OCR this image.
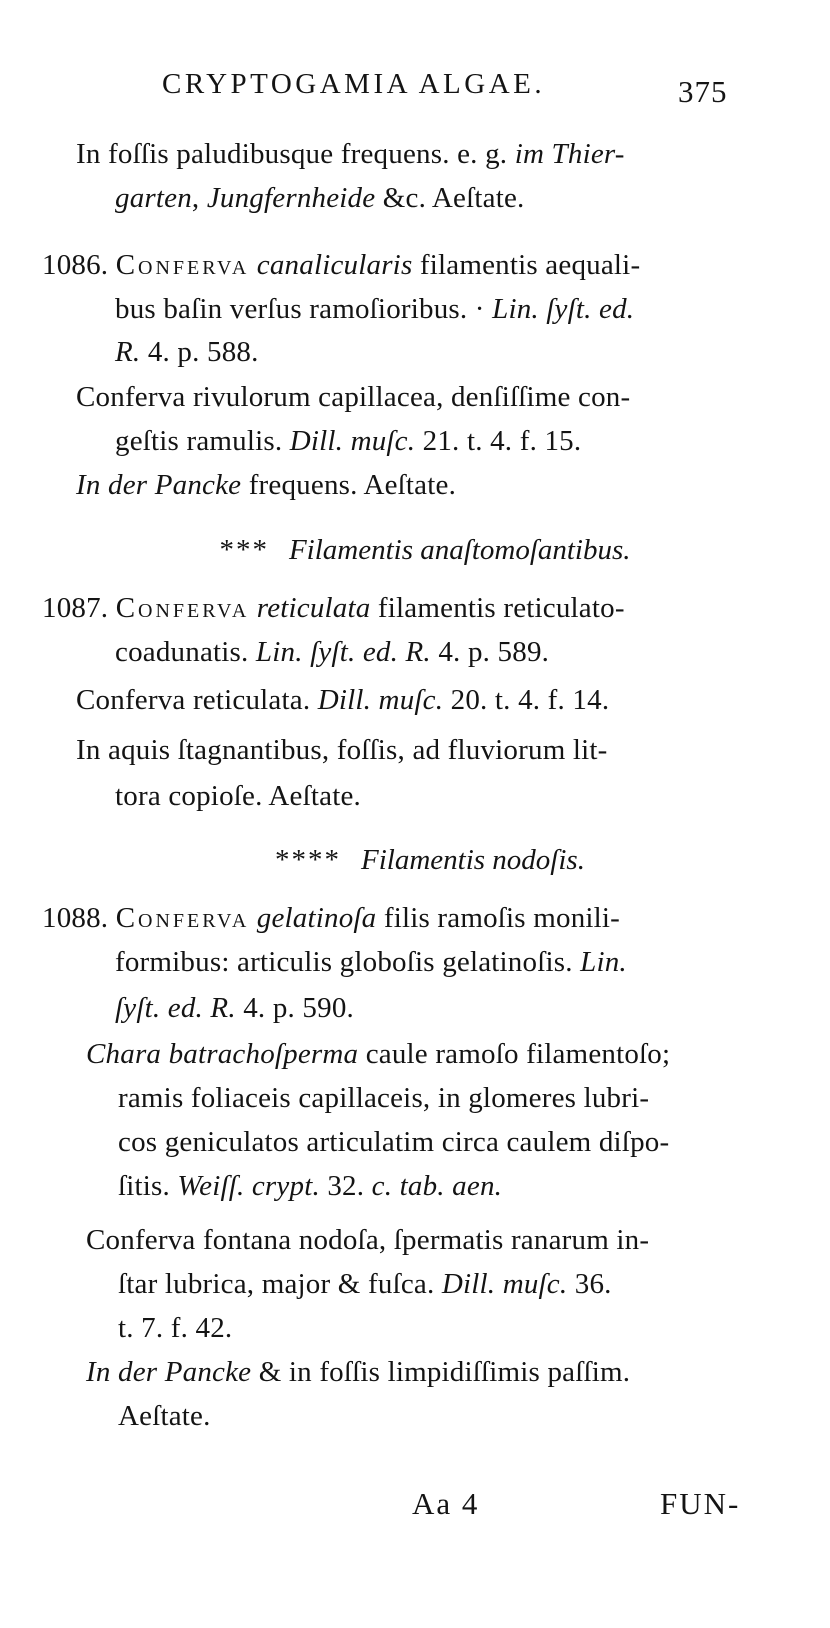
CRYPTOGAMIA ALGAE.	375
In foſſis paludibusque frequens. e. g. im Thier-
garten, Jungfernheide &c. Aeſtate.
1086. Conferva canalicularis filamentis aequali-
bus baſin verſus ramoſioribus. · Lin. ſyſt. ed.
R. 4. p. 588.
Conferva rivulorum capillacea, denſiſſime con-
geſtis ramulis. Dill. muſc. 21. t. 4. f. 15.
In der Pancke frequens. Aeſtate.
*** Filamentis anaſtomoſantibus.
1087. Conferva reticulata filamentis reticulato-
coadunatis. Lin. ſyſt. ed. R. 4. p. 589.
Conferva reticulata. Dill. muſc. 20. t. 4. f. 14.
In aquis ſtagnantibus, foſſis, ad fluviorum lit-
tora copioſe. Aeſtate.
**** Filamentis nodoſis.
1088. Conferva gelatinoſa filis ramoſis monili-
formibus: articulis globoſis gelatinoſis. Lin.
ſyſt. ed. R. 4. p. 590.
Chara batrachoſperma caule ramoſo filamentoſo;
ramis foliaceis capillaceis, in glomeres lubri-
cos geniculatos articulatim circa caulem diſpo-
ſitis. Weiſſ. crypt. 32. c. tab. aen.
Conferva fontana nodoſa, ſpermatis ranarum in-
ſtar lubrica, major & fuſca. Dill. muſc. 36.
t. 7. f. 42.
In der Pancke & in foſſis limpidiſſimis paſſim.
Aeſtate.
Aa 4	FUN-
